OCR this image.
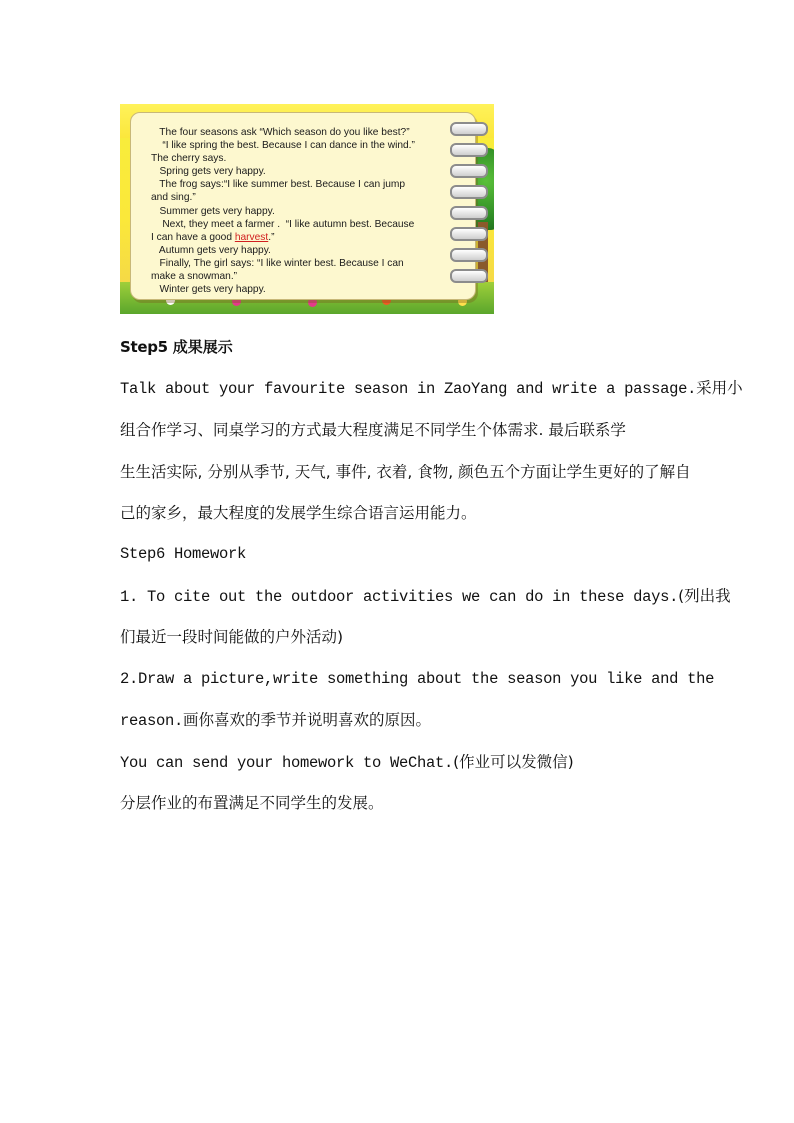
The four seasons ask “Which season do you like best?”
“I like spring the best. Because I can dance in the wind.”
The cherry says.
Spring gets very happy.
The frog says:“I like summer best. Because I can jump
and sing.”
Summer gets very happy.
Next, they meet a farmer .  “I like autumn best. Because
I can have a good harvest.”
Autumn gets very happy.
Finally, The girl says: “I like winter best. Because I can
make a snowman.”
Winter gets very happy.
Step5 成果展示
Talk about your favourite season in ZaoYang and write a passage.采用小
组合作学习、同桌学习的方式最大程度满足不同学生个体需求. 最后联系学
生生活实际, 分别从季节, 天气, 事件, 衣着, 食物, 颜色五个方面让学生更好的了解自
己的家乡，最大程度的发展学生综合语言运用能力。
Step6 Homework
1. To cite out the outdoor activities we can do in these days.(列出我
们最近一段时间能做的户外活动)
2.Draw a picture,write something about the season you like and the
reason.画你喜欢的季节并说明喜欢的原因。
You can send your homework to WeChat.(作业可以发微信)
分层作业的布置满足不同学生的发展。
